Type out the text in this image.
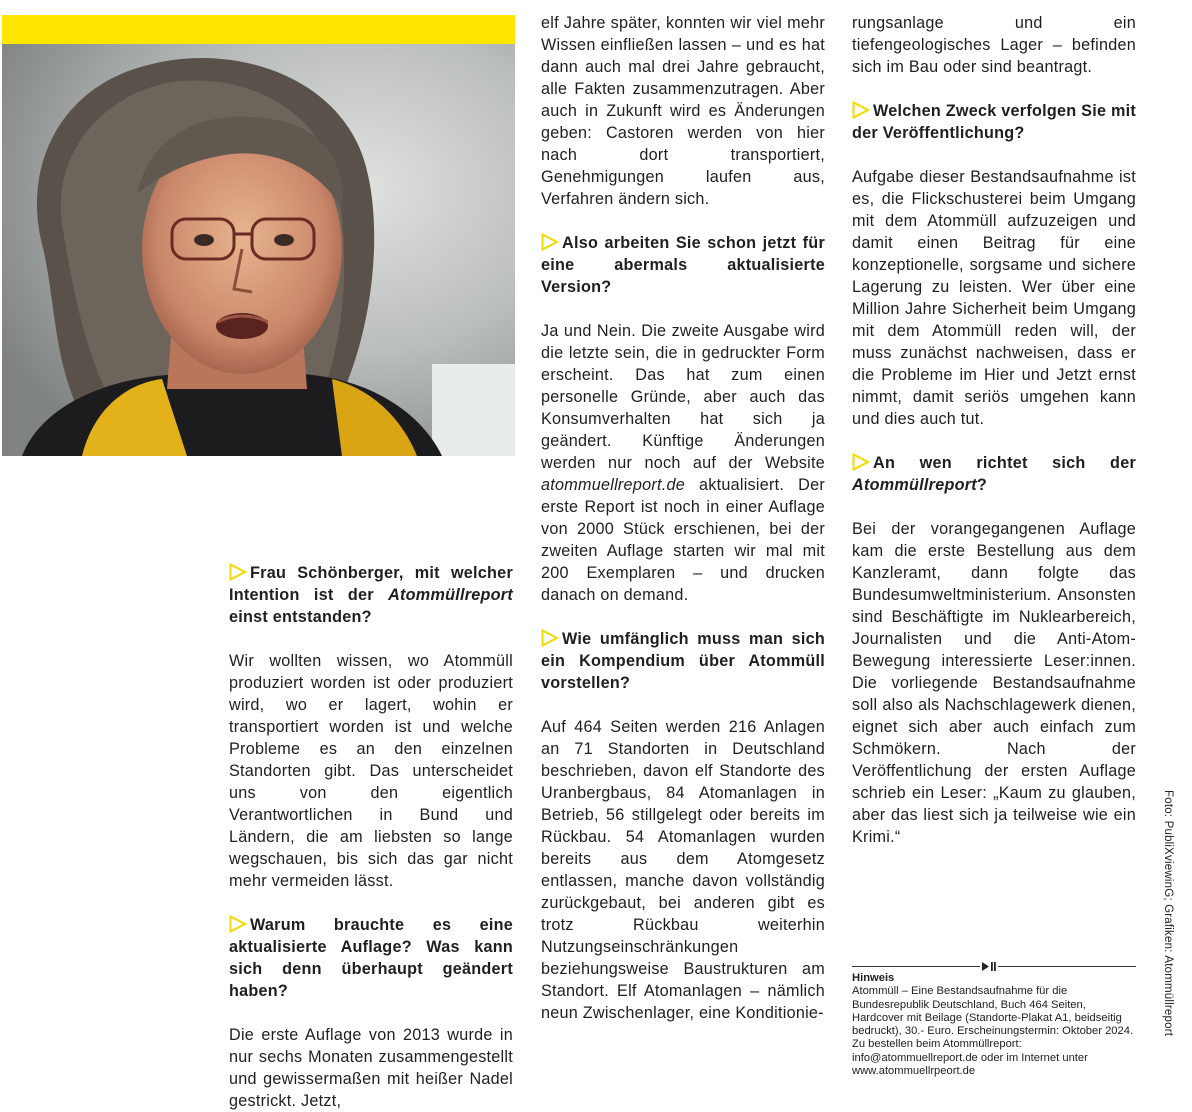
Frau Schönberger, mit welcher Intention ist der Atommüllreport einst entstanden?

Wir wollten wissen, wo Atommüll produziert worden ist oder produziert wird, wo er lagert, wohin er transportiert worden ist und welche Probleme es an den einzelnen Standorten gibt. Das unterscheidet uns von den eigentlich Verantwortlichen in Bund und Ländern, die am liebsten so lange wegschauen, bis sich das gar nicht mehr vermeiden lässt.

Warum brauchte es eine aktualisierte Auflage? Was kann sich denn überhaupt geändert haben?

Die erste Auflage von 2013 wurde in nur sechs Monaten zusammengestellt und gewissermaßen mit heißer Nadel gestrickt. Jetzt,

elf Jahre später, konnten wir viel mehr Wissen einfließen lassen – und es hat dann auch mal drei Jahre gebraucht, alle Fakten zusammenzutragen. Aber auch in Zukunft wird es Änderungen geben: Castoren werden von hier nach dort transportiert, Genehmigungen laufen aus, Verfahren ändern sich.

Also arbeiten Sie schon jetzt für eine abermals aktualisierte Version?

Ja und Nein. Die zweite Ausgabe wird die letzte sein, die in gedruckter Form erscheint. Das hat zum einen personelle Gründe, aber auch das Konsumverhalten hat sich ja geändert. Künftige Änderungen werden nur noch auf der Website atommuellreport.de aktualisiert. Der erste Report ist noch in einer Auflage von 2000 Stück erschienen, bei der zweiten Auflage starten wir mal mit 200 Exemplaren – und drucken danach on demand.

Wie umfänglich muss man sich ein Kompendium über Atommüll vorstellen?

Auf 464 Seiten werden 216 Anlagen an 71 Standorten in Deutschland beschrieben, davon elf Standorte des Uranbergbaus, 84 Atomanlagen in Betrieb, 56 stillgelegt oder bereits im Rückbau. 54 Atomanlagen wurden bereits aus dem Atomgesetz entlassen, manche davon vollständig zurückgebaut, bei anderen gibt es trotz Rückbau weiterhin Nutzungseinschränkungen beziehungsweise Baustrukturen am Standort. Elf Atomanlagen – nämlich neun Zwischenlager, eine Konditionie-

rungsanlage und ein tiefengeologisches Lager – befinden sich im Bau oder sind beantragt.

Welchen Zweck verfolgen Sie mit der Veröffentlichung?

Aufgabe dieser Bestandsaufnahme ist es, die Flickschusterei beim Umgang mit dem Atommüll aufzuzeigen und damit einen Beitrag für eine konzeptionelle, sorgsame und sichere Lagerung zu leisten. Wer über eine Million Jahre Sicherheit beim Umgang mit dem Atommüll reden will, der muss zunächst nachweisen, dass er die Probleme im Hier und Jetzt ernst nimmt, damit seriös umgehen kann und dies auch tut.

An wen richtet sich der Atommüllreport?

Bei der vorangegangenen Auflage kam die erste Bestellung aus dem Kanzleramt, dann folgte das Bundesumweltministerium. Ansonsten sind Beschäftigte im Nuklearbereich, Journalisten und die Anti-Atom-Bewegung interessierte Leser:innen. Die vorliegende Bestandsaufnahme soll also als Nachschlagewerk dienen, eignet sich aber auch einfach zum Schmökern. Nach der Veröffentlichung der ersten Auflage schrieb ein Leser: „Kaum zu glauben, aber das liest sich ja teilweise wie ein Krimi.“

Hinweis
Atommüll – Eine Bestandsaufnahme für die Bundesrepublik Deutschland, Buch 464 Seiten, Hardcover mit Beilage (Standorte-Plakat A1, beidseitig bedruckt), 30.- Euro. Erscheinungstermin: Oktober 2024. Zu bestellen beim Atommüllreport: info@atommuellreport.de oder im Internet unter www.atommuellrpeort.de
Foto: PubliXviewinG; Grafiken: Atommüllreport
